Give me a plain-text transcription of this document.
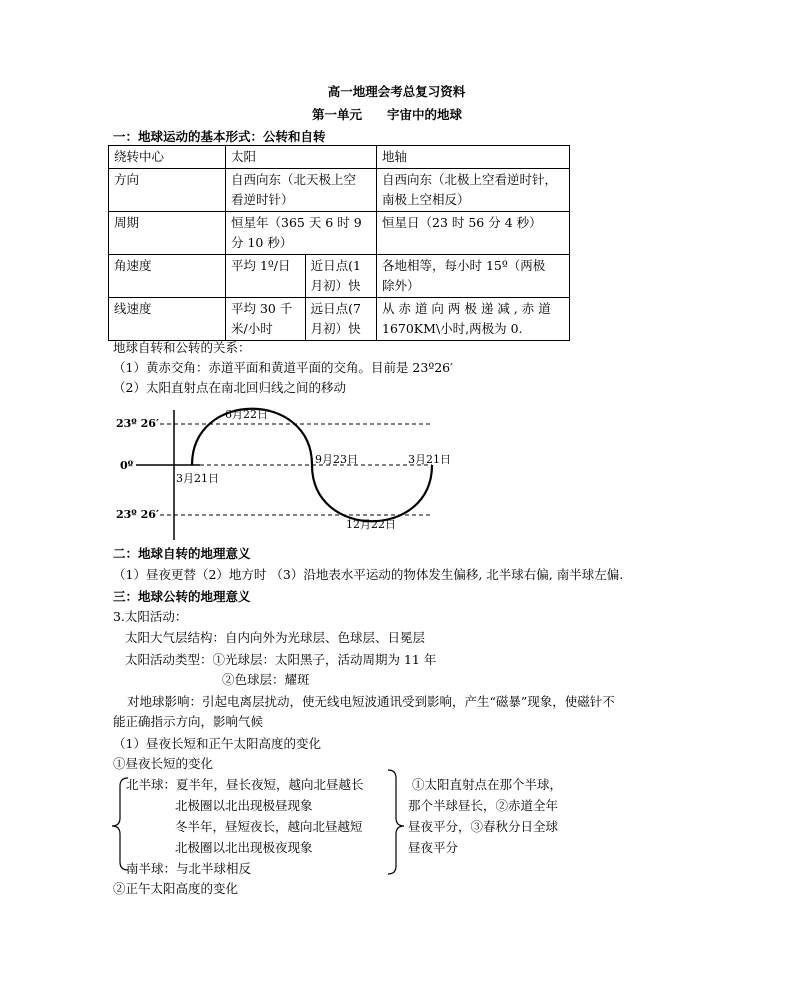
高一地理会考总复习资料
第一单元　　宇宙中的地球
一：地球运动的基本形式：公转和自转
绕转中心	太阳		地轴
方向	自西向东（北天极上空
看逆时针）		自西向东（北极上空看逆时针，
南极上空相反）
周期	恒星年（365 天 6 时 9
分 10 秒）		恒星日（23 时 56 分 4 秒）
角速度	平均 1º/日	近日点(1
月初）快	各地相等，每小时 15º（两极
除外）
线速度	平均 30 千
米/小时	远日点(7
月初）快	从 赤 道 向 两 极 递 减 , 赤 道
1670KM\小时,两极为 0.
地球自转和公转的关系：
（1）黄赤交角：赤道平面和黄道平面的交角。目前是 23º26′
（2）太阳直射点在南北回归线之间的移动
23º 26′
0º
23º 26′
6月22日
3月21日
9月23日	3月21日
12月22日
二：地球自转的地理意义
（1）昼夜更替（2）地方时 （3）沿地表水平运动的物体发生偏移, 北半球右偏, 南半球左偏.
三：地球公转的地理意义
3.太阳活动：
太阳大气层结构：自内向外为光球层、色球层、日冕层
太阳活动类型：①光球层：太阳黑子，活动周期为 11 年
②色球层：耀斑
对地球影响：引起电离层扰动，使无线电短波通讯受到影响，产生“磁暴”现象，使磁针不
能正确指示方向，影响气候
（1）昼夜长短和正午太阳高度的变化
①昼夜长短的变化
北半球：夏半年，昼长夜短，越向北昼越长
北极圈以北出现极昼现象
冬半年，昼短夜长，越向北昼越短
北极圈以北出现极夜现象
南半球：与北半球相反
①太阳直射点在那个半球，
那个半球昼长，②赤道全年
昼夜平分，③春秋分日全球
昼夜平分
②正午太阳高度的变化
